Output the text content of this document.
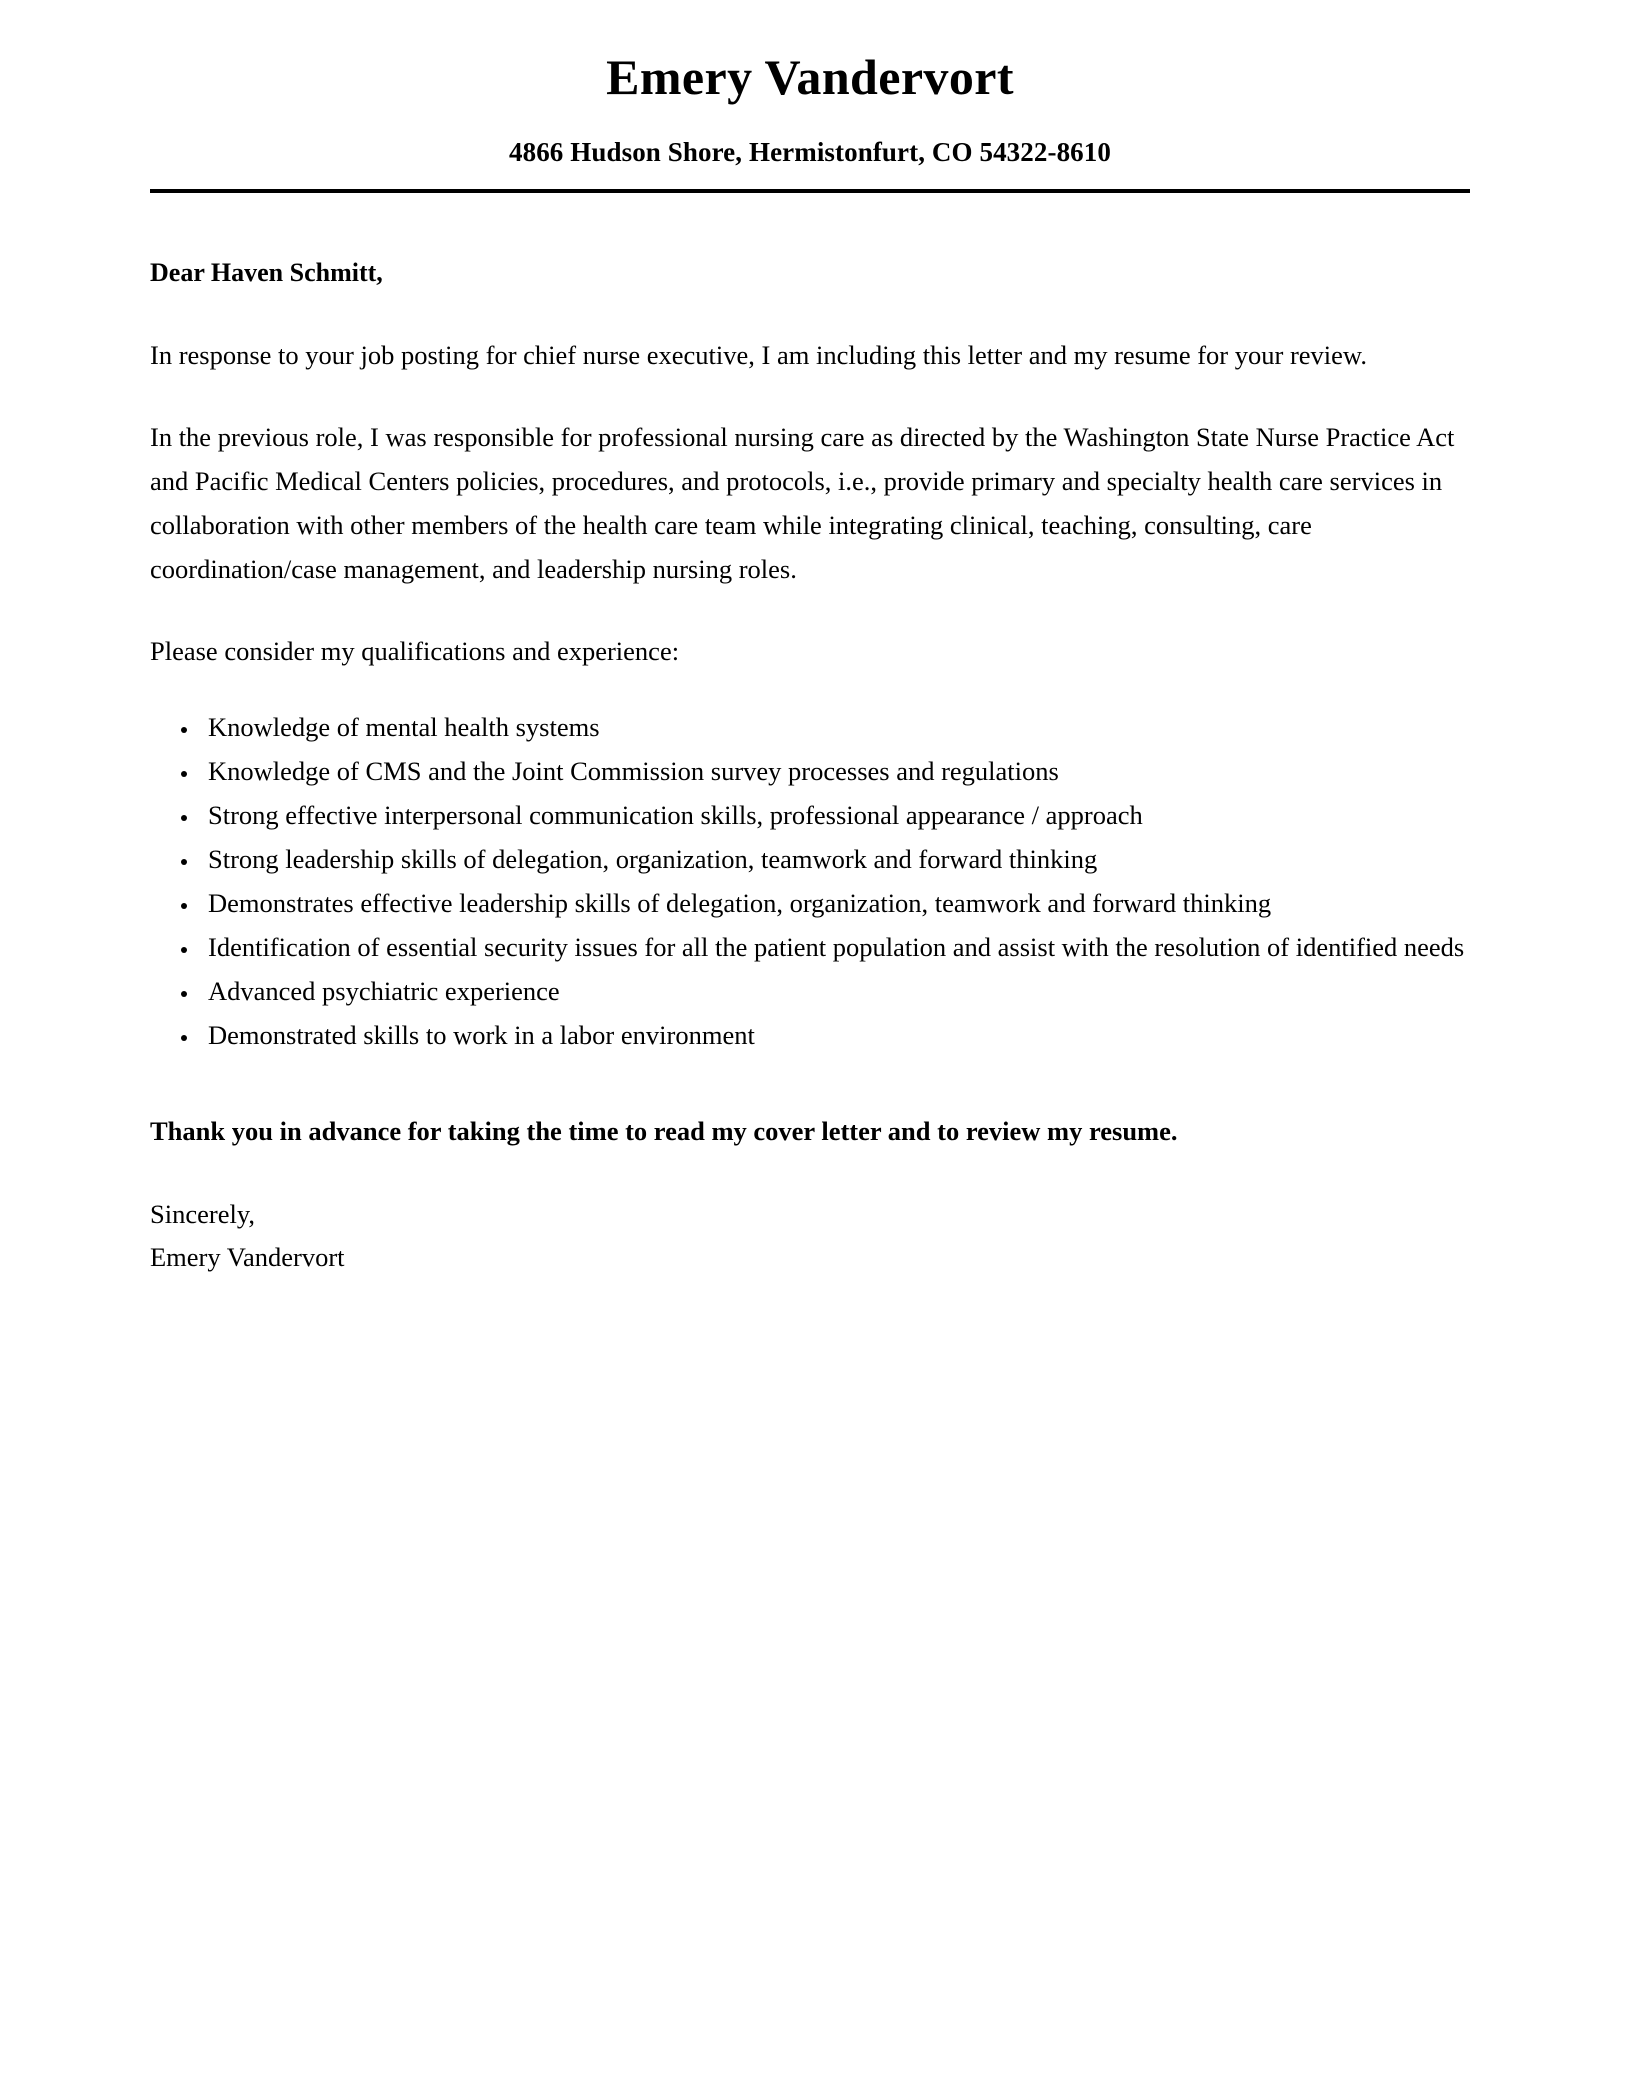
Emery Vandervort

4866 Hudson Shore, Hermistonfurt, CO 54322-8610

Dear Haven Schmitt,

In response to your job posting for chief nurse executive, I am including this letter and my resume for your review.

In the previous role, I was responsible for professional nursing care as directed by the Washington State Nurse Practice Act and Pacific Medical Centers policies, procedures, and protocols, i.e., provide primary and specialty health care services in collaboration with other members of the health care team while integrating clinical, teaching, consulting, care coordination/case management, and leadership nursing roles.

Please consider my qualifications and experience:

• Knowledge of mental health systems
• Knowledge of CMS and the Joint Commission survey processes and regulations
• Strong effective interpersonal communication skills, professional appearance / approach
• Strong leadership skills of delegation, organization, teamwork and forward thinking
• Demonstrates effective leadership skills of delegation, organization, teamwork and forward thinking
• Identification of essential security issues for all the patient population and assist with the resolution of identified needs
• Advanced psychiatric experience
• Demonstrated skills to work in a labor environment

Thank you in advance for taking the time to read my cover letter and to review my resume.

Sincerely,
Emery Vandervort
